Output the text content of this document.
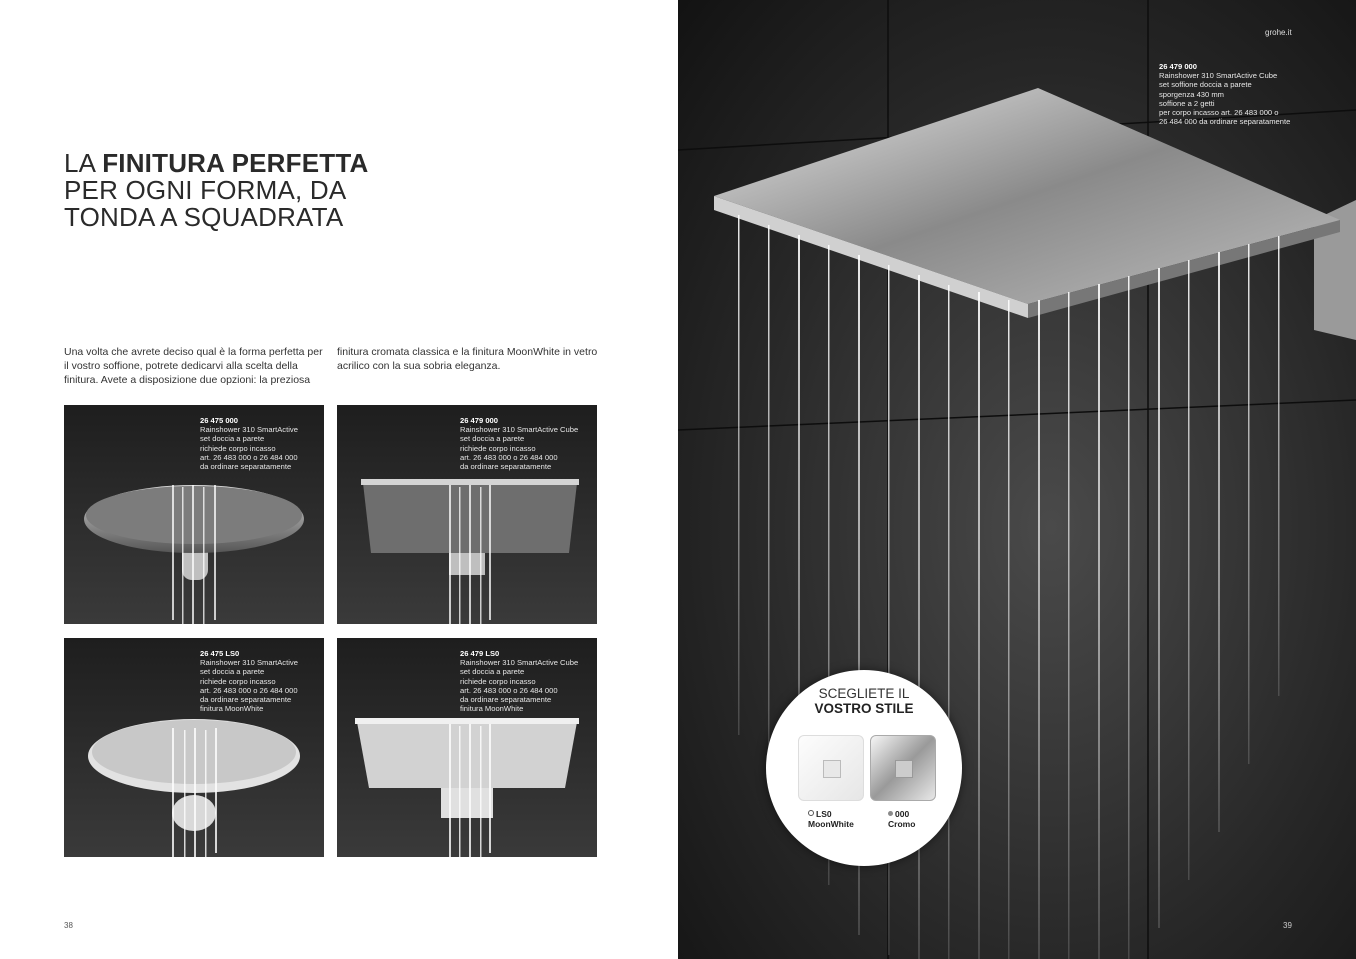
LA FINITURA PERFETTA
PER OGNI FORMA, DA
TONDA A SQUADRATA
Una volta che avrete deciso qual è la forma perfetta per il vostro soffione, potrete dedicarvi alla scelta della finitura. Avete a disposizione due opzioni: la preziosa
finitura cromata classica e la finitura MoonWhite in vetro acrilico con la sua sobria eleganza.
26 475 000
Rainshower 310 SmartActive
set doccia a parete
richiede corpo incasso
art. 26 483 000 o 26 484 000
da ordinare separatamente
26 479 000
Rainshower 310 SmartActive Cube
set doccia a parete
richiede corpo incasso
art. 26 483 000 o 26 484 000
da ordinare separatamente
26 475 LS0
Rainshower 310 SmartActive
set doccia a parete
richiede corpo incasso
art. 26 483 000 o 26 484 000
da ordinare separatamente
finitura MoonWhite
26 479 LS0
Rainshower 310 SmartActive Cube
set doccia a parete
richiede corpo incasso
art. 26 483 000 o 26 484 000
da ordinare separatamente
finitura MoonWhite
38
grohe.it
26 479 000
Rainshower 310 SmartActive Cube
set soffione doccia a parete
sporgenza 430 mm
soffione a 2 getti
per corpo incasso art. 26 483 000 o
26 484 000 da ordinare separatamente
SCEGLIETE IL
VOSTRO STILE
LS0
MoonWhite
000
Cromo
39
